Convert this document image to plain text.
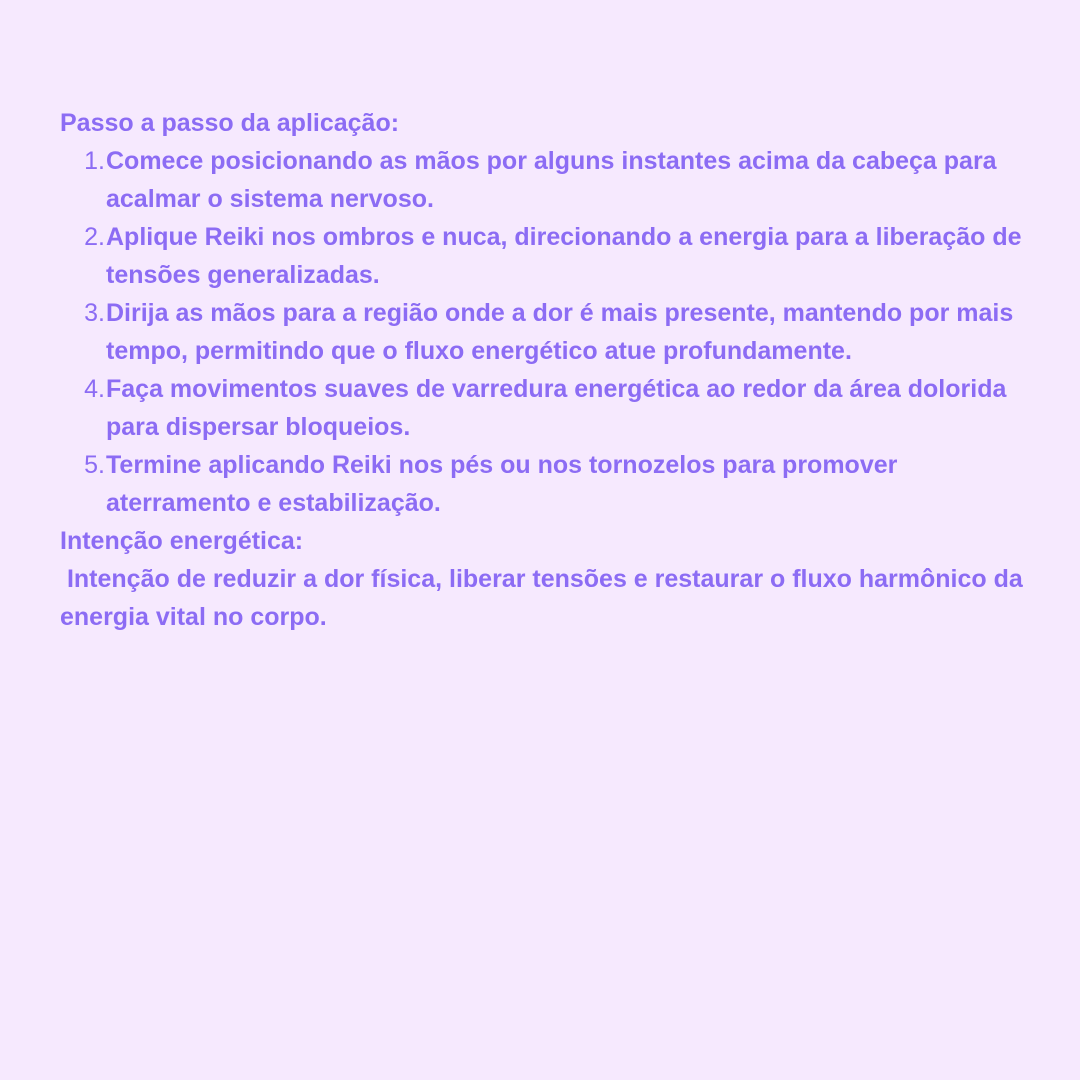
Passo a passo da aplicação:
1. Comece posicionando as mãos por alguns instantes acima da cabeça para acalmar o sistema nervoso.
2. Aplique Reiki nos ombros e nuca, direcionando a energia para a liberação de tensões generalizadas.
3. Dirija as mãos para a região onde a dor é mais presente, mantendo por mais tempo, permitindo que o fluxo energético atue profundamente.
4. Faça movimentos suaves de varredura energética ao redor da área dolorida para dispersar bloqueios.
5. Termine aplicando Reiki nos pés ou nos tornozelos para promover aterramento e estabilização.
Intenção energética:

Intenção de reduzir a dor física, liberar tensões e restaurar o fluxo harmônico da energia vital no corpo.
